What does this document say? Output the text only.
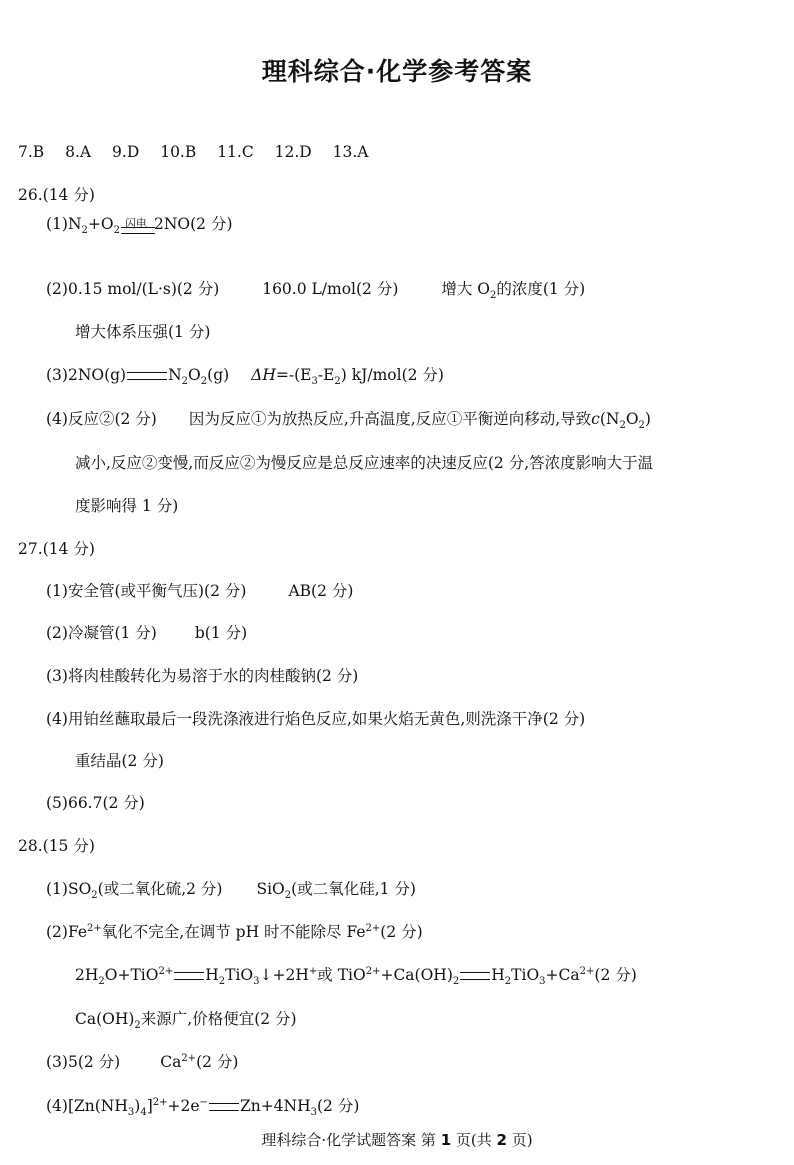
理科综合·化学参考答案
7.B 8.A 9.D 10.B 11.C 12.D 13.A
26.(14 分)
$(1)N_2+O_2$
闪电 2NO(2 分)
(2)0.15 mol/(L·s)(2 分)	160.0 L/mol(2 分)	增大 $O_2$的浓度(1 分)
增大体系压强(1 分)
(3)2NO(g)	$N_2O_2(g)$ $\Delta H=-(E_3-E_2)$ kJ/mol(2 分)
(4)反应②(2 分) 因为反应①为放热反应,升高温度,反应①平衡逆向移动,导致$c(N_2O_2)$
减小,反应②变慢,而反应②为慢反应是总反应速率的决速反应(2 分,答浓度影响大于温
度影响得 1 分)
27.(14 分)
(1)安全管(或平衡气压)(2 分)	AB(2 分)
(2)冷凝管(1 分) b(1 分)
(3)将肉桂酸转化为易溶于水的肉桂酸钠(2 分)
(4)用铂丝蘸取最后一段洗涤液进行焰色反应,如果火焰无黄色,则洗涤干净(2 分)
重结晶(2 分)
(5)66.7(2 分)
28.(15 分)
$(1)SO_2$(或二氧化硫,2 分) SiO$_2$(或二氧化硅,1 分)
$(2)Fe^{2+}$氧化不完全,在调节 pH 时不能除尽 $Fe^{2+}(2$ 分)
$2H_2O+TiO^{2+}$ $H_2TiO_3↓+2H^+$或 $TiO^{2+}+Ca(OH)_2$ $H_2TiO_3+Ca^{2+}(2$ 分)
$Ca(OH)_2$来源广,价格便宜(2 分)
(3)5(2 分)	$Ca^{2+}(2$ 分)
$(4)[Zn(NH_3)_4]^{2+}+2e^-$ $Zn+4NH_3(2$ 分)
理科综合·化学试题答案 第 1 页(共 2 页)
